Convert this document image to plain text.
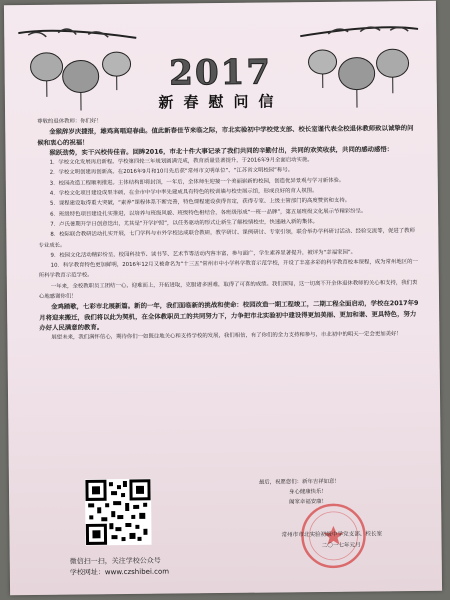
2017
新春慰问信

尊敬的退休教师：你们好！

金猴辞岁庆捷报，雄鸡高唱迎春曲。值此新春佳节来临之际，市北实验初中学校党支部、校长室谨代表全校退休教师致以诚挚的问候和衷心的祝福！

猴跃劲势，实干兴校传佳音。回眸2016，市北十件大事记录了我们共同的辛勤付出，共同的欢笑收获，共同的感动感悟：

1．学校文化发展再启新程。学校第四轮三年规划圆满完成，教育质量显著提升，于2016年9月全面启动实施。

2．学校文明创建再创新高。在2016年9月和10月先后获“常州市文明单位”、“江苏省文明校园”称号。

3．校园改造工程顺利推进。主体结构即将封顶，一年后，全体师生迎接一个美丽崭新的校园，创造优异景观与学习新体验。

4．学校文化项目建设成果丰硕，在全市中学中率先建成具有特色的校训墙与校史展示馆，形成良好的育人氛围。

5．课程建设取得重大突破，“素养”课程体系不断完善，特色课程建设获得肯定，获得专家、上级主管部门的高度赞赏和支持。

6．班级特色项目建设扎实推进，以培养与班级风貌、班级特色相结合，各班级形成“一班一品牌”，第五届班级文化展示节精彩纷呈。

7．卢氏暑期开学日创意迭出，尤其是“开学护照”，以任务驱动的形式让新生了解校情校史，快速融入新的集体。

8．校际联合教研活动扎实开展，七门学科与市外学校达成联合教研，教学研讨、课例研讨、专家引领，联合举办学科研讨活动、经验交流等，促进了教师专业成长。

9．校园文化活动精彩纷呈，校园科技节、读书节、艺术节等活动内容丰富，参与面广，学生素养显著提升，被评为“幸福家园”。

10．科学教育特色更加鲜明，2016年12月又被命名为“十三五”常州市中小学科学教育示范学校，开设了丰富多彩的科学教育校本课程，成为常州地区的一所科学教育示范学校。

一年来，全校教职员工团结一心，迎难而上，开拓进取，克服诸多困难，取得了可喜的成绩。我们深知，这一切离不开全体退休教师的关心和支持，我们衷心地感谢你们！

金鸡踏歌，七彩市北展新篇。新的一年，我们面临新的挑战和使命：校园改造一期工程竣工，二期工程全面启动，学校在2017年9月将迎来搬迁，我们将以此为契机，在全体教职员工的共同努力下，力争把市北实验初中建设得更加美丽、更加和谐、更具特色，努力办好人民满意的教育。

展望未来，我们满怀信心，期待你们一如既往地关心和支持学校的发展，我们相信，有了你们的全力支持和参与，市北初中的明天一定会更加美好！

微信扫一扫，关注学校公众号
学校网址：www.czshibei.com
最后，祝愿您们：新年吉祥如意！
身心健康快乐！
阖家幸福安康！
常州市市北实验初级中学党支部、校长室
二〇一七年元月
